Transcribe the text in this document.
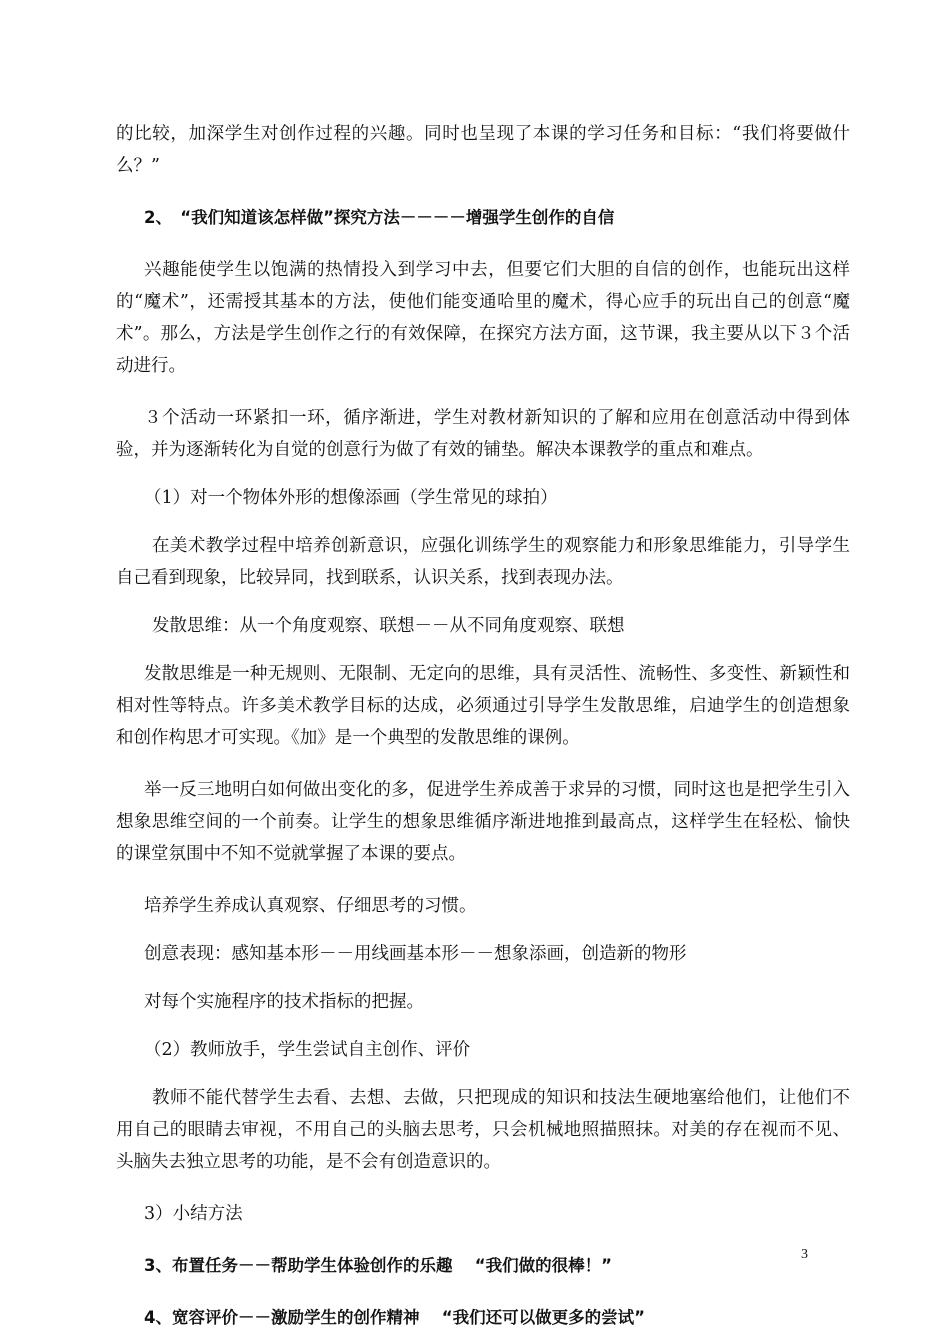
的比较，加深学生对创作过程的兴趣。同时也呈现了本课的学习任务和目标：“我们将要做什么？”

2、　“我们知道该怎样做”探究方法－－－－增强学生创作的自信

兴趣能使学生以饱满的热情投入到学习中去，但要它们大胆的自信的创作，也能玩出这样的“魔术”，还需授其基本的方法，使他们能变通哈里的魔术，得心应手的玩出自己的创意“魔术”。那么，方法是学生创作之行的有效保障，在探究方法方面，这节课，我主要从以下３个活动进行。

３个活动一环紧扣一环，循序渐进，学生对教材新知识的了解和应用在创意活动中得到体验，并为逐渐转化为自觉的创意行为做了有效的铺垫。解决本课教学的重点和难点。

（1）对一个物体外形的想像添画（学生常见的球拍）

在美术教学过程中培养创新意识，应强化训练学生的观察能力和形象思维能力，引导学生自己看到现象，比较异同，找到联系，认识关系，找到表现办法。

发散思维：从一个角度观察、联想－－从不同角度观察、联想

发散思维是一种无规则、无限制、无定向的思维，具有灵活性、流畅性、多变性、新颖性和相对性等特点。许多美术教学目标的达成，必须通过引导学生发散思维，启迪学生的创造想象和创作构思才可实现。《加》是一个典型的发散思维的课例。

举一反三地明白如何做出变化的多，促进学生养成善于求异的习惯，同时这也是把学生引入想象思维空间的一个前奏。让学生的想象思维循序渐进地推到最高点，这样学生在轻松、愉快的课堂氛围中不知不觉就掌握了本课的要点。

培养学生养成认真观察、仔细思考的习惯。

创意表现：感知基本形－－用线画基本形－－想象添画，创造新的物形

对每个实施程序的技术指标的把握。

（2）教师放手，学生尝试自主创作、评价

教师不能代替学生去看、去想、去做，只把现成的知识和技法生硬地塞给他们，让他们不用自己的眼睛去审视，不用自己的头脑去思考，只会机械地照描照抹。对美的存在视而不见、头脑失去独立思考的功能，是不会有创造意识的。

3）小结方法

3、布置任务－－帮助学生体验创作的乐趣　 “我们做的很棒！”

4、宽容评价－－激励学生的创作精神　 “我们还可以做更多的尝试”

3
